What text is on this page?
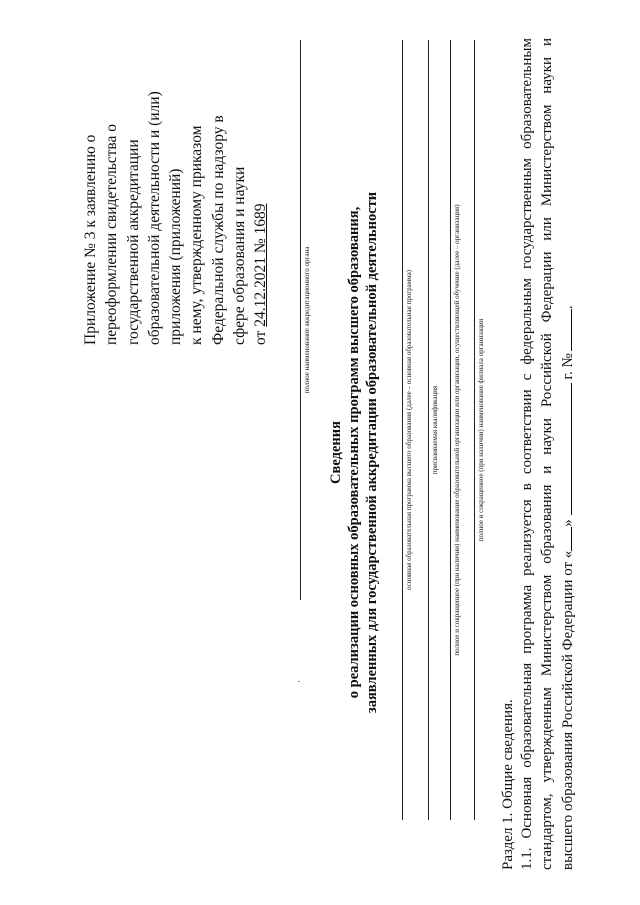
Приложение № 3 к заявлению о переоформлении свидетельства о государственной аккредитации образовательной деятельности и (или) приложения (приложений) к нему, утвержденному приказом Федеральной службы по надзору в сфере образования и науки от 24.12.2021 № 1689	полное наименование аккредитационного органа
Сведения о реализации основных образовательных программ высшего образования, заявленных для государственной аккредитации образовательной деятельности	основная образовательная программа высшего образования (далее – основная образовательная программа)	присваиваемая квалификация полное и сокращенное (при наличии) наименование образовательной организации или организации, осуществляющей обучение (далее – организация) полное и сокращенное (при наличии) наименование филиала организации
·
Раздел 1. Общие сведения. 1.1. Основная образовательная программа реализуется в соответствии с федеральным государственным образовательным стандартом, утвержденным Министерством образования и науки Российской Федерации или Министерством науки и высшего образования Российской Федерации от «» г. №.
